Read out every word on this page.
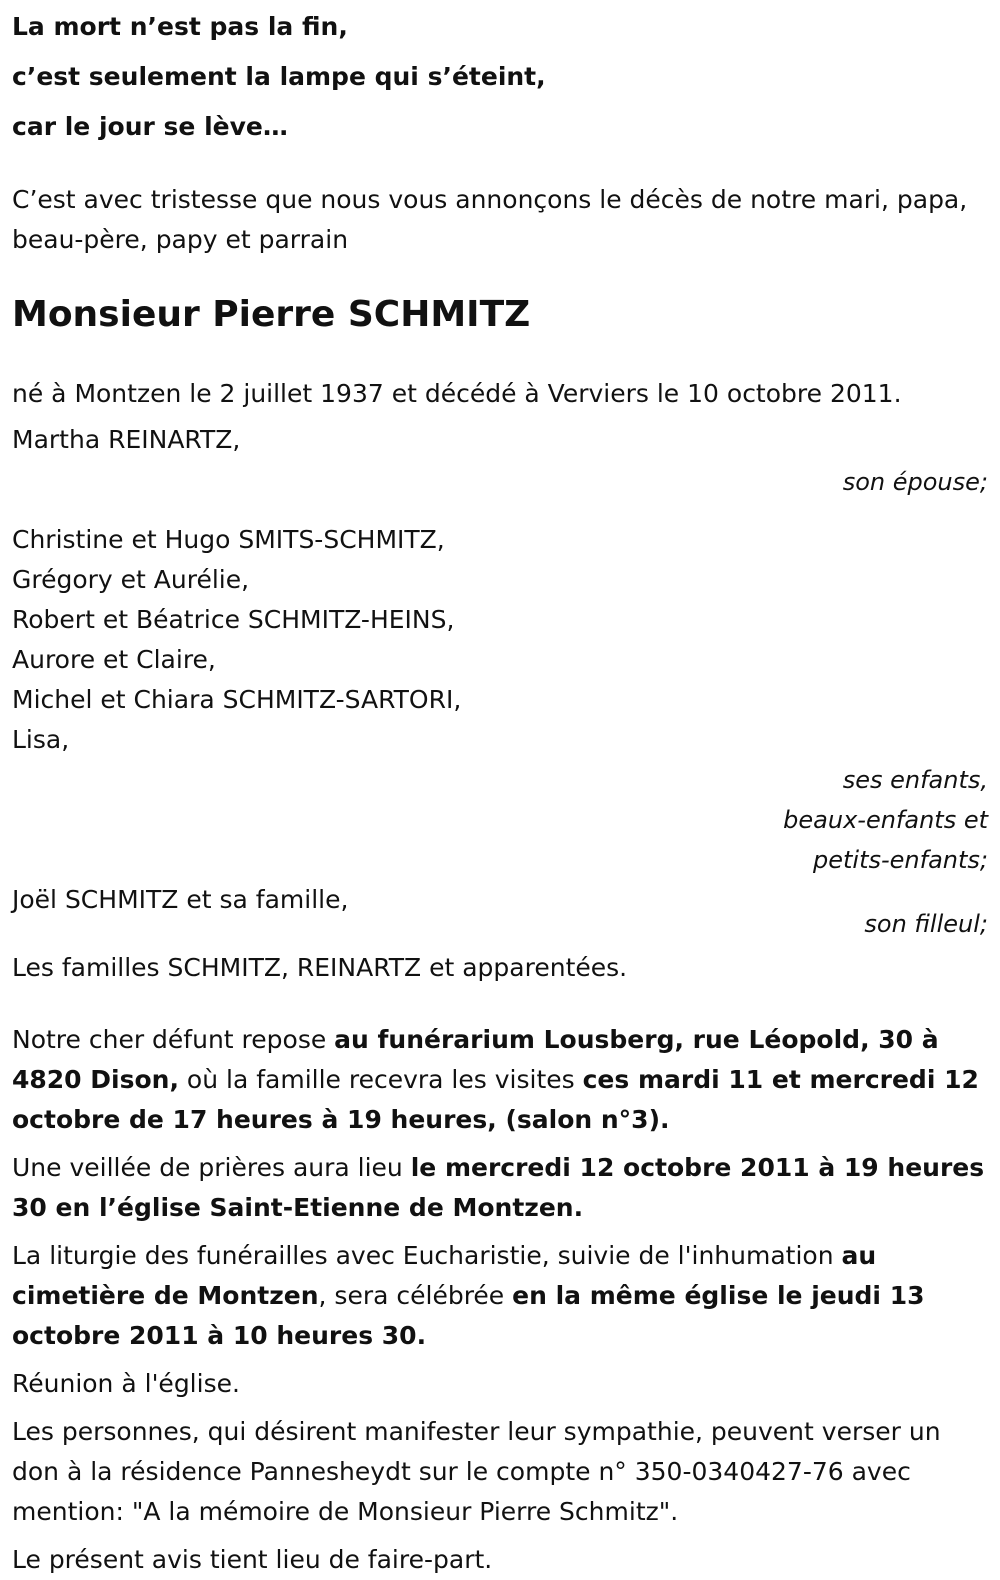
La mort n’est pas la fin,

c’est seulement la lampe qui s’éteint,

car le jour se lève…

C’est avec tristesse que nous vous annonçons le décès de notre mari, papa, beau-père, papy et parrain

Monsieur Pierre SCHMITZ

né à Montzen le 2 juillet 1937 et décédé à Verviers le 10 octobre 2011.

Martha REINARTZ,

son épouse;

Christine et Hugo SMITS-SCHMITZ,

Grégory et Aurélie,

Robert et Béatrice SCHMITZ-HEINS,

Aurore et Claire,

Michel et Chiara SCHMITZ-SARTORI,

Lisa,

ses enfants, beaux-enfants et petits-enfants;

Joël SCHMITZ et sa famille,

son filleul;

Les familles SCHMITZ, REINARTZ et apparentées.

Notre cher défunt repose au funérarium Lousberg, rue Léopold, 30 à 4820 Dison, où la famille recevra les visites ces mardi 11 et mercredi 12 octobre de 17 heures à 19 heures, (salon n°3).

Une veillée de prières aura lieu le mercredi 12 octobre 2011 à 19 heures 30 en l’église Saint-Etienne de Montzen.

La liturgie des funérailles avec Eucharistie, suivie de l'inhumation au cimetière de Montzen, sera célébrée en la même église le jeudi 13 octobre 2011 à 10 heures 30.

Réunion à l'église.

Les personnes, qui désirent manifester leur sympathie, peuvent verser un don à la résidence Pannesheydt sur le compte n° 350-0340427-76 avec mention: "A la mémoire de Monsieur Pierre Schmitz".

Le présent avis tient lieu de faire-part.
